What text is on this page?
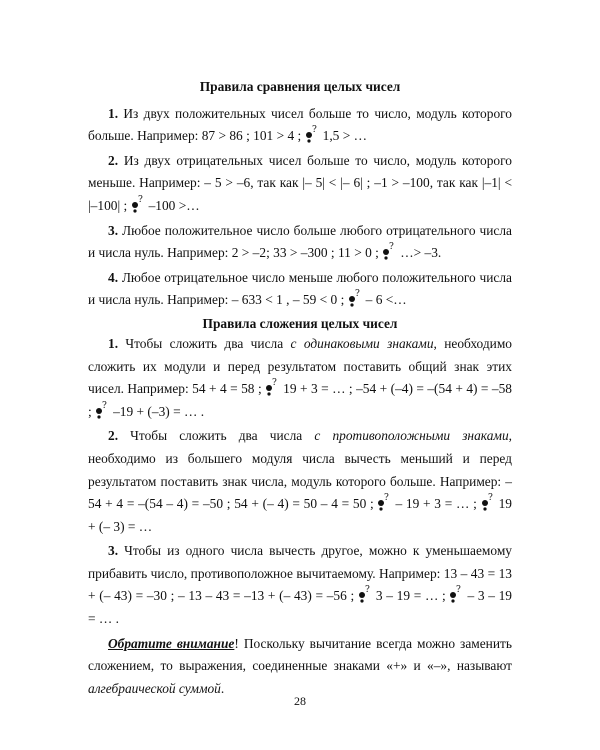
Правила сравнения целых чисел

1. Из двух положительных чисел больше то число, модуль которого больше. Например: 87 > 86 ; 101 > 4 ; ? 1,5 > …

2. Из двух отрицательных чисел больше то число, модуль которого меньше. Например: – 5 > –6, так как |– 5| < |– 6| ; –1 > –100, так как |–1| < |–100| ; ? –100 >…

3. Любое положительное число больше любого отрицательного числа и числа нуль. Например: 2 > –2; 33 > –300 ; 11 > 0 ; ? …> –3.

4. Любое отрицательное число меньше любого положительного числа и числа нуль. Например: – 633 < 1 , – 59 < 0 ; ? – 6 <…

Правила сложения целых чисел

1. Чтобы сложить два числа с одинаковыми знаками, необходимо сложить их модули и перед результатом поставить общий знак этих чисел. Например: 54 + 4 = 58 ; ? 19 + 3 = … ; –54 + (–4) = –(54 + 4) = –58 ; ? –19 + (–3) = … .

2. Чтобы сложить два числа с противоположными знаками, необходимо из большего модуля числа вычесть меньший и перед результатом поставить знак числа, модуль которого больше. Например: – 54 + 4 = –(54 – 4) = –50 ; 54 + (– 4) = 50 – 4 = 50 ; ? – 19 + 3 = … ; ? 19 + (– 3) = …

3. Чтобы из одного числа вычесть другое, можно к уменьшаемому прибавить число, противоположное вычитаемому. Например: 13 – 43 = 13 + (– 43) = –30 ; – 13 – 43 = –13 + (– 43) = –56 ; ? 3 – 19 = … ; ? – 3 – 19 = … .

Обратите внимание! Поскольку вычитание всегда можно заменить сложением, то выражения, соединенные знаками «+» и «–», называют алгебраической суммой.

28
